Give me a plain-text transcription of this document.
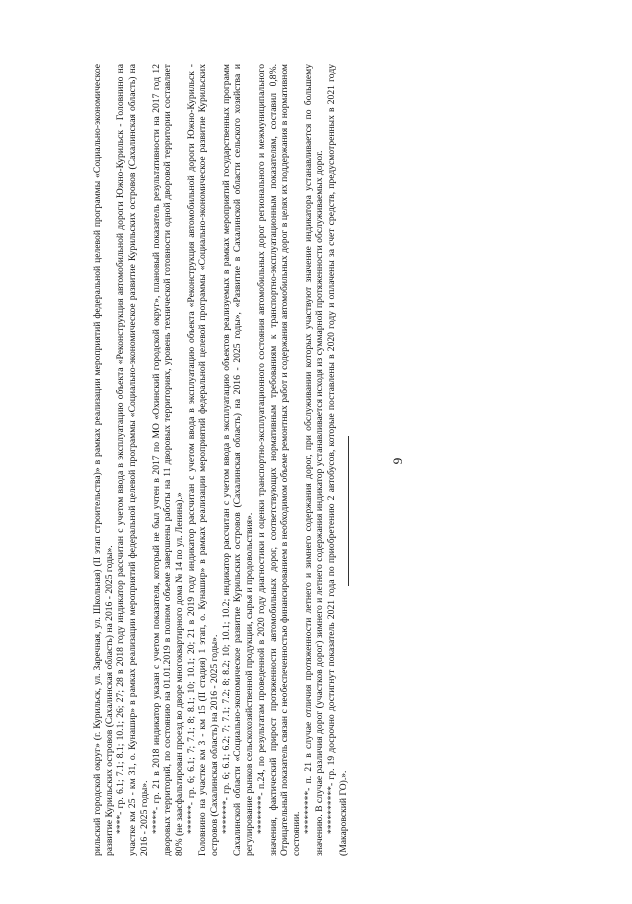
рильский городской округ» (г. Курильск, ул. Заречная, ул. Школьная) (II этап строительства)» в рамках реализации мероприятий федеральной целевой программы «Социально-экономическое развитие Курильских островов (Сахалинская область) на 2016 - 2025 годы». ****- гр. 6.1; 7.1; 8.1; 10.1; 26; 27; 28 в 2018 году индикатор рассчитан с учетом ввода в эксплуатацию объекта «Реконструкция автомобильной дороги Южно-Курильск - Головнино на участке км 25 - км 31, о. Кунашир» в рамках реализации мероприятий федеральной целевой программы «Социально-экономическое развитие Курильских островов (Сахалинская область) на 2016 - 2025 годы». *****- гр. 21 в 2018 индикатор указан с учетом показателя, который не был учтен в 2017 по МО «Охинский городской округ», плановый показатель результативности на 2017 год 12 дворовых территорий, по состоянию на 01.01.2019 в полном объеме завершены работы на 11 дворовых территориях, уровень технической готовности одной дворовой территории составляет 80% (не заасфальтирован проезд во дворе многоквартирного дома № 14 по ул. Ленина).» ******- гр. 6; 6.1; 7; 7.1; 8; 8.1; 10; 10.1; 20; 21 в 2019 году индикатор рассчитан с учетом ввода в эксплуатацию объекта «Реконструкция автомобильной дороги Южно-Курильск - Головнино на участке км 3 - км 15 (II стадия) 1 этап, о. Кунашир» в рамках реализации мероприятий федеральной целевой программы «Социально-экономическое развитие Курильских островов (Сахалинская область) на 2016 - 2025 годы». *******- гр. 6; 6.1; 6.2; 7; 7.1; 7.2; 8; 8.2; 10; 10.1; 10.2; индикатор рассчитан с учетом ввода в эксплуатацию объектов реализуемых в рамках мероприятий государственных программ Сахалинской области «Социально-экономическое развитие Курильских островов (Сахалинская область) на 2016 - 2025 годы», «Развитие в Сахалинской области сельского хозяйства и регулирование рынков сельскохозяйственной продукции, сырья и продовольствия». ********- п.24, по результатам проведенной в 2020 году диагностики и оценки транспортно-эксплуатационного состояния автомобильных дорог регионального и межмуниципального значения, фактический прирост протяженности автомобильных дорог, соответствующих нормативным требованиям к транспортно-эксплуатационным показателям, составил 0,8%. Отрицательный показатель связан с необеспеченностью финансированием в необходимом объеме ремонтных работ и содержания автомобильных дорог в целях их поддержания в нормативном состоянии. *********- п. 21 в случае отличия протяженности летнего и зимнего содержания дорог, при обслуживании которых участвуют значение индикатора устанавливается по большему значению. В случае различия дорог (участков дорог) зимнего и летнего содержания индикатор устанавливается исходя из суммарной протяженности обслуживаемых дорог. **********- гр. 19 досрочно достигнут показатель 2021 года по приобретению 2 автобусов, которые поставлены в 2020 году и оплачены за счет средств, предусмотренных в 2021 году (Макаровский ГО).».

9
